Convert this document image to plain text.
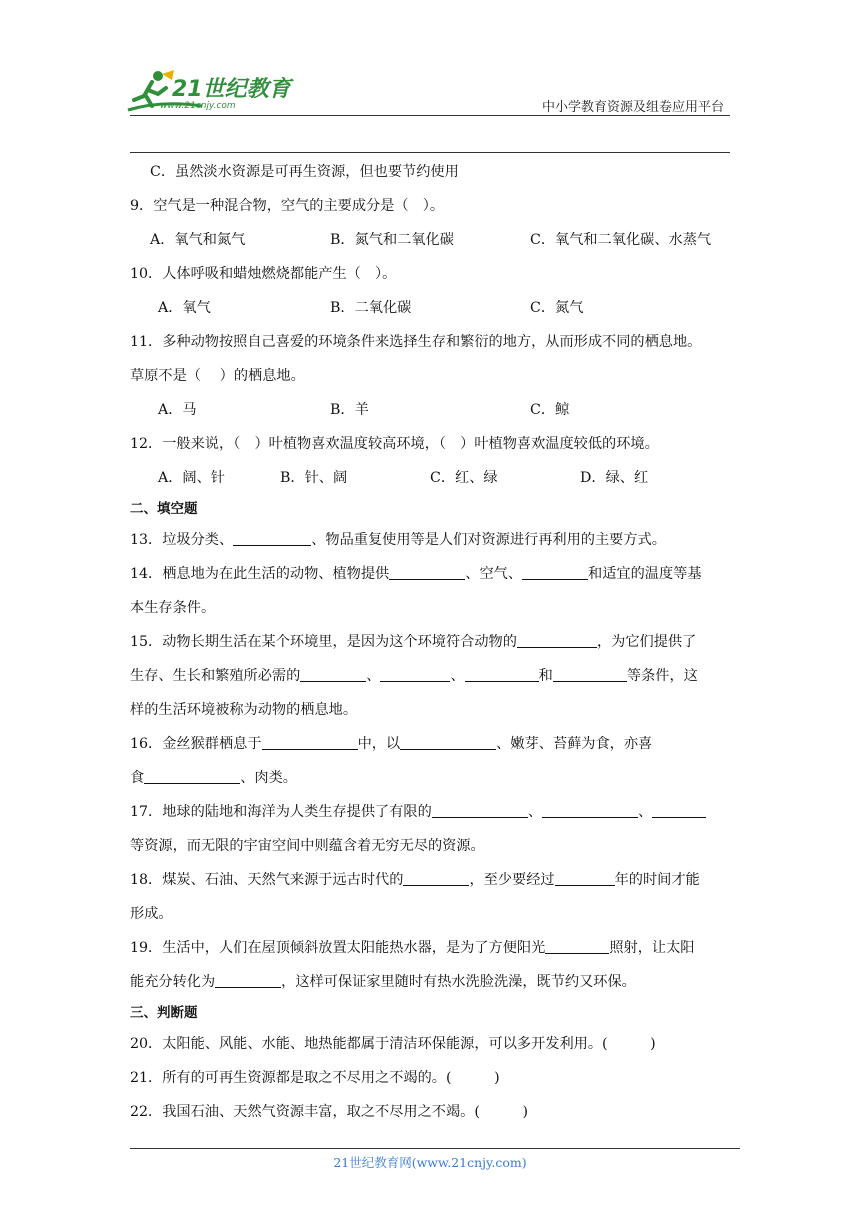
21世纪教育
www.21cnjy.com	中小学教育资源及组卷应用平台
C．虽然淡水资源是可再生资源，但也要节约使用
9．空气是一种混合物，空气的主要成分是（　）。
A．氧气和氮气	B．氮气和二氧化碳	C．氧气和二氧化碳、水蒸气
10．人体呼吸和蜡烛燃烧都能产生（　）。
A．氧气	B．二氧化碳	C．氮气
11．多种动物按照自己喜爱的环境条件来选择生存和繁衍的地方，从而形成不同的栖息地。
草原不是（　 ）的栖息地。
A．马	B．羊	C．鲸
12．一般来说，（　）叶植物喜欢温度较高环境，（　）叶植物喜欢温度较低的环境。
A．阔、针	B．针、阔	C．红、绿	D．绿、红
二、填空题
13．垃圾分类、	、物品重复使用等是人们对资源进行再利用的主要方式。
14．栖息地为在此生活的动物、植物提供	、空气、	和适宜的温度等基
本生存条件。
15．动物长期生活在某个环境里，是因为这个环境符合动物的	，为它们提供了
生存、生长和繁殖所必需的	、	、	和	等条件，这
样的生活环境被称为动物的栖息地。
16．金丝猴群栖息于	中，以	、嫩芽、苔藓为食，亦喜
食	、肉类。
17．地球的陆地和海洋为人类生存提供了有限的	、	、
等资源，而无限的宇宙空间中则蕴含着无穷无尽的资源。
18．煤炭、石油、天然气来源于远古时代的	，至少要经过	年的时间才能
形成。
19．生活中，人们在屋顶倾斜放置太阳能热水器，是为了方便阳光	照射，让太阳
能充分转化为	，这样可保证家里随时有热水洗脸洗澡，既节约又环保。
三、判断题
20．太阳能、风能、水能、地热能都属于清洁环保能源，可以多开发利用。(　　　)
21．所有的可再生资源都是取之不尽用之不竭的。(　　　)
22．我国石油、天然气资源丰富，取之不尽用之不竭。(　　　)
21世纪教育网(www.21cnjy.com)
